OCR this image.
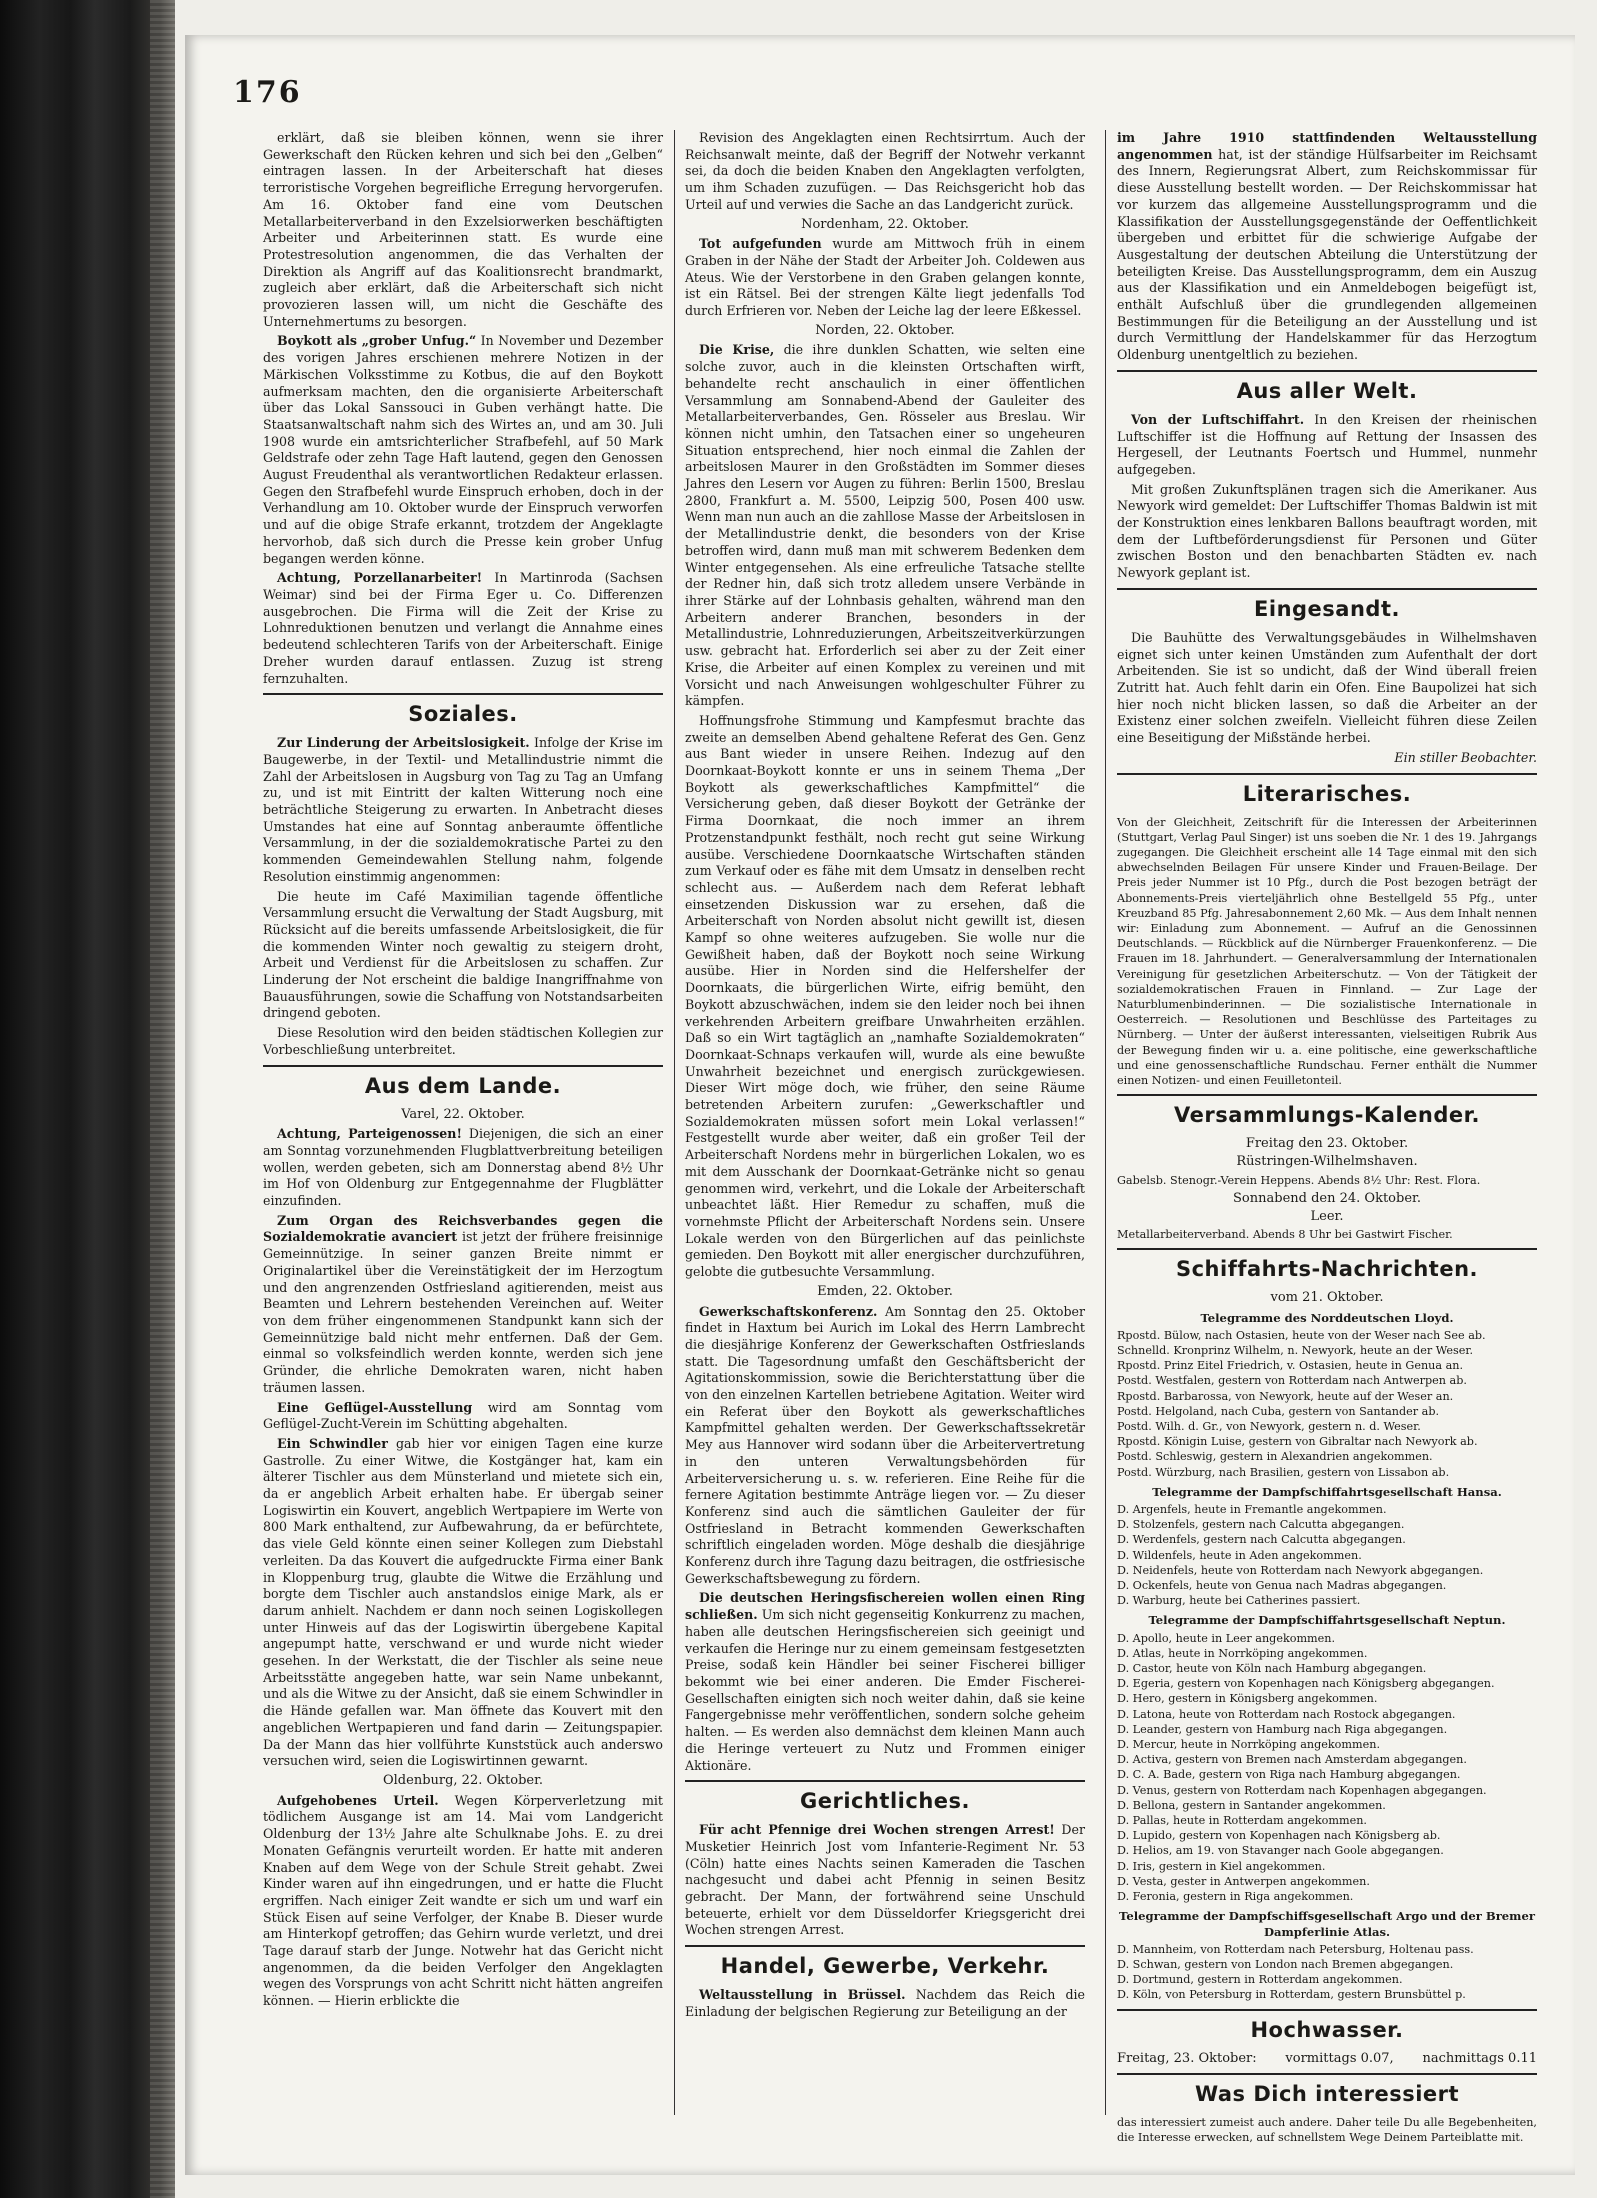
176

erklärt, daß sie bleiben können, wenn sie ihrer Gewerkschaft den Rücken kehren und sich bei den „Gelben“ eintragen lassen. In der Arbeiterschaft hat dieses terroristische Vorgehen begreifliche Erregung hervorgerufen. Am 16. Oktober fand eine vom Deutschen Metallarbeiterverband in den Exzelsiorwerken beschäftigten Arbeiter und Arbeiterinnen statt. Es wurde eine Protestresolution angenommen, die das Verhalten der Direktion als Angriff auf das Koalitionsrecht brandmarkt, zugleich aber erklärt, daß die Arbeiterschaft sich nicht provozieren lassen will, um nicht die Geschäfte des Unternehmertums zu besorgen.

Boykott als „grober Unfug.“ In November und Dezember des vorigen Jahres erschienen mehrere Notizen in der Märkischen Volksstimme zu Kotbus, die auf den Boykott aufmerksam machten, den die organisierte Arbeiterschaft über das Lokal Sanssouci in Guben verhängt hatte. Die Staatsanwaltschaft nahm sich des Wirtes an, und am 30. Juli 1908 wurde ein amtsrichterlicher Strafbefehl, auf 50 Mark Geldstrafe oder zehn Tage Haft lautend, gegen den Genossen August Freudenthal als verantwortlichen Redakteur erlassen. Gegen den Strafbefehl wurde Einspruch erhoben, doch in der Verhandlung am 10. Oktober wurde der Einspruch verworfen und auf die obige Strafe erkannt, trotzdem der Angeklagte hervorhob, daß sich durch die Presse kein grober Unfug begangen werden könne.

Achtung, Porzellanarbeiter! In Martinroda (Sachsen Weimar) sind bei der Firma Eger u. Co. Differenzen ausgebrochen. Die Firma will die Zeit der Krise zu Lohnreduktionen benutzen und verlangt die Annahme eines bedeutend schlechteren Tarifs von der Arbeiterschaft. Einige Dreher wurden darauf entlassen. Zuzug ist streng fernzuhalten.

Soziales.

Zur Linderung der Arbeitslosigkeit. Infolge der Krise im Baugewerbe, in der Textil- und Metallindustrie nimmt die Zahl der Arbeitslosen in Augsburg von Tag zu Tag an Umfang zu, und ist mit Eintritt der kalten Witterung noch eine beträchtliche Steigerung zu erwarten. In Anbetracht dieses Umstandes hat eine auf Sonntag anberaumte öffentliche Versammlung, in der die sozialdemokratische Partei zu den kommenden Gemeindewahlen Stellung nahm, folgende Resolution einstimmig angenommen:

Die heute im Café Maximilian tagende öffentliche Versammlung ersucht die Verwaltung der Stadt Augsburg, mit Rücksicht auf die bereits umfassende Arbeitslosigkeit, die für die kommenden Winter noch gewaltig zu steigern droht, Arbeit und Verdienst für die Arbeitslosen zu schaffen. Zur Linderung der Not erscheint die baldige Inangriffnahme von Bauausführungen, sowie die Schaffung von Notstandsarbeiten dringend geboten.

Diese Resolution wird den beiden städtischen Kollegien zur Vorbeschließung unterbreitet.

Aus dem Lande.
Varel, 22. Oktober.

Achtung, Parteigenossen! Diejenigen, die sich an einer am Sonntag vorzunehmenden Flugblattverbreitung beteiligen wollen, werden gebeten, sich am Donnerstag abend 8½ Uhr im Hof von Oldenburg zur Entgegennahme der Flugblätter einzufinden.

Zum Organ des Reichsverbandes gegen die Sozialdemokratie avanciert ist jetzt der frühere freisinnige Gemeinnützige. In seiner ganzen Breite nimmt er Originalartikel über die Vereinstätigkeit der im Herzogtum und den angrenzenden Ostfriesland agitierenden, meist aus Beamten und Lehrern bestehenden Vereinchen auf. Weiter von dem früher eingenommenen Standpunkt kann sich der Gemeinnützige bald nicht mehr entfernen. Daß der Gem. einmal so volksfeindlich werden konnte, werden sich jene Gründer, die ehrliche Demokraten waren, nicht haben träumen lassen.

Eine Geflügel-Ausstellung wird am Sonntag vom Geflügel-Zucht-Verein im Schütting abgehalten.

Ein Schwindler gab hier vor einigen Tagen eine kurze Gastrolle. Zu einer Witwe, die Kostgänger hat, kam ein älterer Tischler aus dem Münsterland und mietete sich ein, da er angeblich Arbeit erhalten habe. Er übergab seiner Logiswirtin ein Kouvert, angeblich Wertpapiere im Werte von 800 Mark enthaltend, zur Aufbewahrung, da er befürchtete, das viele Geld könnte einen seiner Kollegen zum Diebstahl verleiten. Da das Kouvert die aufgedruckte Firma einer Bank in Kloppenburg trug, glaubte die Witwe die Erzählung und borgte dem Tischler auch anstandslos einige Mark, als er darum anhielt. Nachdem er dann noch seinen Logiskollegen unter Hinweis auf das der Logiswirtin übergebene Kapital angepumpt hatte, verschwand er und wurde nicht wieder gesehen. In der Werkstatt, die der Tischler als seine neue Arbeitsstätte angegeben hatte, war sein Name unbekannt, und als die Witwe zu der Ansicht, daß sie einem Schwindler in die Hände gefallen war. Man öffnete das Kouvert mit den angeblichen Wertpapieren und fand darin — Zeitungspapier. Da der Mann das hier vollführte Kunststück auch anderswo versuchen wird, seien die Logiswirtinnen gewarnt.

Oldenburg, 22. Oktober.

Aufgehobenes Urteil. Wegen Körperverletzung mit tödlichem Ausgange ist am 14. Mai vom Landgericht Oldenburg der 13½ Jahre alte Schulknabe Johs. E. zu drei Monaten Gefängnis verurteilt worden. Er hatte mit anderen Knaben auf dem Wege von der Schule Streit gehabt. Zwei Kinder waren auf ihn eingedrungen, und er hatte die Flucht ergriffen. Nach einiger Zeit wandte er sich um und warf ein Stück Eisen auf seine Verfolger, der Knabe B. Dieser wurde am Hinterkopf getroffen; das Gehirn wurde verletzt, und drei Tage darauf starb der Junge. Notwehr hat das Gericht nicht angenommen, da die beiden Verfolger den Angeklagten wegen des Vorsprungs von acht Schritt nicht hätten angreifen können. — Hierin erblickte die

Revision des Angeklagten einen Rechtsirrtum. Auch der Reichsanwalt meinte, daß der Begriff der Notwehr verkannt sei, da doch die beiden Knaben den Angeklagten verfolgten, um ihm Schaden zuzufügen. — Das Reichsgericht hob das Urteil auf und verwies die Sache an das Landgericht zurück.

Nordenham, 22. Oktober.

Tot aufgefunden wurde am Mittwoch früh in einem Graben in der Nähe der Stadt der Arbeiter Joh. Coldewen aus Ateus. Wie der Verstorbene in den Graben gelangen konnte, ist ein Rätsel. Bei der strengen Kälte liegt jedenfalls Tod durch Erfrieren vor. Neben der Leiche lag der leere Eßkessel.

Norden, 22. Oktober.

Die Krise, die ihre dunklen Schatten, wie selten eine solche zuvor, auch in die kleinsten Ortschaften wirft, behandelte recht anschaulich in einer öffentlichen Versammlung am Sonnabend-Abend der Gauleiter des Metallarbeiterverbandes, Gen. Rösseler aus Breslau. Wir können nicht umhin, den Tatsachen einer so ungeheuren Situation entsprechend, hier noch einmal die Zahlen der arbeitslosen Maurer in den Großstädten im Sommer dieses Jahres den Lesern vor Augen zu führen: Berlin 1500, Breslau 2800, Frankfurt a. M. 5500, Leipzig 500, Posen 400 usw. Wenn man nun auch an die zahllose Masse der Arbeitslosen in der Metallindustrie denkt, die besonders von der Krise betroffen wird, dann muß man mit schwerem Bedenken dem Winter entgegensehen. Als eine erfreuliche Tatsache stellte der Redner hin, daß sich trotz alledem unsere Verbände in ihrer Stärke auf der Lohnbasis gehalten, während man den Arbeitern anderer Branchen, besonders in der Metallindustrie, Lohnreduzierungen, Arbeitszeitverkürzungen usw. gebracht hat. Erforderlich sei aber zu der Zeit einer Krise, die Arbeiter auf einen Komplex zu vereinen und mit Vorsicht und nach Anweisungen wohlgeschulter Führer zu kämpfen.

Hoffnungsfrohe Stimmung und Kampfesmut brachte das zweite an demselben Abend gehaltene Referat des Gen. Genz aus Bant wieder in unsere Reihen. Indezug auf den Doornkaat-Boykott konnte er uns in seinem Thema „Der Boykott als gewerkschaftliches Kampfmittel“ die Versicherung geben, daß dieser Boykott der Getränke der Firma Doornkaat, die noch immer an ihrem Protzenstandpunkt festhält, noch recht gut seine Wirkung ausübe. Verschiedene Doornkaatsche Wirtschaften ständen zum Verkauf oder es fähe mit dem Umsatz in denselben recht schlecht aus. — Außerdem nach dem Referat lebhaft einsetzenden Diskussion war zu ersehen, daß die Arbeiterschaft von Norden absolut nicht gewillt ist, diesen Kampf so ohne weiteres aufzugeben. Sie wolle nur die Gewißheit haben, daß der Boykott noch seine Wirkung ausübe. Hier in Norden sind die Helfershelfer der Doornkaats, die bürgerlichen Wirte, eifrig bemüht, den Boykott abzuschwächen, indem sie den leider noch bei ihnen verkehrenden Arbeitern greifbare Unwahrheiten erzählen. Daß so ein Wirt tagtäglich an „namhafte Sozialdemokraten“ Doornkaat-Schnaps verkaufen will, wurde als eine bewußte Unwahrheit bezeichnet und energisch zurückgewiesen. Dieser Wirt möge doch, wie früher, den seine Räume betretenden Arbeitern zurufen: „Gewerkschaftler und Sozialdemokraten müssen sofort mein Lokal verlassen!“ Festgestellt wurde aber weiter, daß ein großer Teil der Arbeiterschaft Nordens mehr in bürgerlichen Lokalen, wo es mit dem Ausschank der Doornkaat-Getränke nicht so genau genommen wird, verkehrt, und die Lokale der Arbeiterschaft unbeachtet läßt. Hier Remedur zu schaffen, muß die vornehmste Pflicht der Arbeiterschaft Nordens sein. Unsere Lokale werden von den Bürgerlichen auf das peinlichste gemieden. Den Boykott mit aller energischer durchzuführen, gelobte die gutbesuchte Versammlung.

Emden, 22. Oktober.

Gewerkschaftskonferenz. Am Sonntag den 25. Oktober findet in Haxtum bei Aurich im Lokal des Herrn Lambrecht die diesjährige Konferenz der Gewerkschaften Ostfrieslands statt. Die Tagesordnung umfaßt den Geschäftsbericht der Agitationskommission, sowie die Berichterstattung über die von den einzelnen Kartellen betriebene Agitation. Weiter wird ein Referat über den Boykott als gewerkschaftliches Kampfmittel gehalten werden. Der Gewerkschaftssekretär Mey aus Hannover wird sodann über die Arbeitervertretung in den unteren Verwaltungsbehörden für Arbeiterversicherung u. s. w. referieren. Eine Reihe für die fernere Agitation bestimmte Anträge liegen vor. — Zu dieser Konferenz sind auch die sämtlichen Gauleiter der für Ostfriesland in Betracht kommenden Gewerkschaften schriftlich eingeladen worden. Möge deshalb die diesjährige Konferenz durch ihre Tagung dazu beitragen, die ostfriesische Gewerkschaftsbewegung zu fördern.

Die deutschen Heringsfischereien wollen einen Ring schließen. Um sich nicht gegenseitig Konkurrenz zu machen, haben alle deutschen Heringsfischereien sich geeinigt und verkaufen die Heringe nur zu einem gemeinsam festgesetzten Preise, sodaß kein Händler bei seiner Fischerei billiger bekommt wie bei einer anderen. Die Emder Fischerei-Gesellschaften einigten sich noch weiter dahin, daß sie keine Fangergebnisse mehr veröffentlichen, sondern solche geheim halten. — Es werden also demnächst dem kleinen Mann auch die Heringe verteuert zu Nutz und Frommen einiger Aktionäre.

Gerichtliches.

Für acht Pfennige drei Wochen strengen Arrest! Der Musketier Heinrich Jost vom Infanterie-Regiment Nr. 53 (Cöln) hatte eines Nachts seinen Kameraden die Taschen nachgesucht und dabei acht Pfennig in seinen Besitz gebracht. Der Mann, der fortwährend seine Unschuld beteuerte, erhielt vor dem Düsseldorfer Kriegsgericht drei Wochen strengen Arrest.

Handel, Gewerbe, Verkehr.

Weltausstellung in Brüssel. Nachdem das Reich die Einladung der belgischen Regierung zur Beteiligung an der

im Jahre 1910 stattfindenden Weltausstellung angenommen hat, ist der ständige Hülfsarbeiter im Reichsamt des Innern, Regierungsrat Albert, zum Reichskommissar für diese Ausstellung bestellt worden. — Der Reichskommissar hat vor kurzem das allgemeine Ausstellungsprogramm und die Klassifikation der Ausstellungsgegenstände der Oeffentlichkeit übergeben und erbittet für die schwierige Aufgabe der Ausgestaltung der deutschen Abteilung die Unterstützung der beteiligten Kreise. Das Ausstellungsprogramm, dem ein Auszug aus der Klassifikation und ein Anmeldebogen beigefügt ist, enthält Aufschluß über die grundlegenden allgemeinen Bestimmungen für die Beteiligung an der Ausstellung und ist durch Vermittlung der Handelskammer für das Herzogtum Oldenburg unentgeltlich zu beziehen.

Aus aller Welt.

Von der Luftschiffahrt. In den Kreisen der rheinischen Luftschiffer ist die Hoffnung auf Rettung der Insassen des Hergesell, der Leutnants Foertsch und Hummel, nunmehr aufgegeben.

Mit großen Zukunftsplänen tragen sich die Amerikaner. Aus Newyork wird gemeldet: Der Luftschiffer Thomas Baldwin ist mit der Konstruktion eines lenkbaren Ballons beauftragt worden, mit dem der Luftbeförderungsdienst für Personen und Güter zwischen Boston und den benachbarten Städten ev. nach Newyork geplant ist.

Eingesandt.

Die Bauhütte des Verwaltungsgebäudes in Wilhelmshaven eignet sich unter keinen Umständen zum Aufenthalt der dort Arbeitenden. Sie ist so undicht, daß der Wind überall freien Zutritt hat. Auch fehlt darin ein Ofen. Eine Baupolizei hat sich hier noch nicht blicken lassen, so daß die Arbeiter an der Existenz einer solchen zweifeln. Vielleicht führen diese Zeilen eine Beseitigung der Mißstände herbei.

Ein stiller Beobachter.
Literarisches.

Von der Gleichheit, Zeitschrift für die Interessen der Arbeiterinnen (Stuttgart, Verlag Paul Singer) ist uns soeben die Nr. 1 des 19. Jahrgangs zugegangen. Die Gleichheit erscheint alle 14 Tage einmal mit den sich abwechselnden Beilagen Für unsere Kinder und Frauen-Beilage. Der Preis jeder Nummer ist 10 Pfg., durch die Post bezogen beträgt der Abonnements-Preis vierteljährlich ohne Bestellgeld 55 Pfg., unter Kreuzband 85 Pfg. Jahresabonnement 2,60 Mk. — Aus dem Inhalt nennen wir: Einladung zum Abonnement. — Aufruf an die Genossinnen Deutschlands. — Rückblick auf die Nürnberger Frauenkonferenz. — Die Frauen im 18. Jahrhundert. — Generalversammlung der Internationalen Vereinigung für gesetzlichen Arbeiterschutz. — Von der Tätigkeit der sozialdemokratischen Frauen in Finnland. — Zur Lage der Naturblumenbinderinnen. — Die sozialistische Internationale in Oesterreich. — Resolutionen und Beschlüsse des Parteitages zu Nürnberg. — Unter der äußerst interessanten, vielseitigen Rubrik Aus der Bewegung finden wir u. a. eine politische, eine gewerkschaftliche und eine genossenschaftliche Rundschau. Ferner enthält die Nummer einen Notizen- und einen Feuilletonteil.

Versammlungs-Kalender.
Freitag den 23. Oktober.
Rüstringen-Wilhelmshaven.

Gabelsb. Stenogr.-Verein Heppens. Abends 8½ Uhr: Rest. Flora.

Sonnabend den 24. Oktober.
Leer.

Metallarbeiterverband. Abends 8 Uhr bei Gastwirt Fischer.

Schiffahrts-Nachrichten.
vom 21. Oktober.
Telegramme des Norddeutschen Lloyd.
Rpostd. Bülow, nach Ostasien, heute von der Weser nach See ab.
Schnelld. Kronprinz Wilhelm, n. Newyork, heute an der Weser.
Rpostd. Prinz Eitel Friedrich, v. Ostasien, heute in Genua an.
Postd. Westfalen, gestern von Rotterdam nach Antwerpen ab.
Rpostd. Barbarossa, von Newyork, heute auf der Weser an.
Postd. Helgoland, nach Cuba, gestern von Santander ab.
Postd. Wilh. d. Gr., von Newyork, gestern n. d. Weser.
Rpostd. Königin Luise, gestern von Gibraltar nach Newyork ab.
Postd. Schleswig, gestern in Alexandrien angekommen.
Postd. Würzburg, nach Brasilien, gestern von Lissabon ab.
Telegramme der Dampfschiffahrtsgesellschaft Hansa.
D. Argenfels, heute in Fremantle angekommen.
D. Stolzenfels, gestern nach Calcutta abgegangen.
D. Werdenfels, gestern nach Calcutta abgegangen.
D. Wildenfels, heute in Aden angekommen.
D. Neidenfels, heute von Rotterdam nach Newyork abgegangen.
D. Ockenfels, heute von Genua nach Madras abgegangen.
D. Warburg, heute bei Catherines passiert.
Telegramme der Dampfschiffahrtsgesellschaft Neptun.
D. Apollo, heute in Leer angekommen.
D. Atlas, heute in Norrköping angekommen.
D. Castor, heute von Köln nach Hamburg abgegangen.
D. Egeria, gestern von Kopenhagen nach Königsberg abgegangen.
D. Hero, gestern in Königsberg angekommen.
D. Latona, heute von Rotterdam nach Rostock abgegangen.
D. Leander, gestern von Hamburg nach Riga abgegangen.
D. Mercur, heute in Norrköping angekommen.
D. Activa, gestern von Bremen nach Amsterdam abgegangen.
D. C. A. Bade, gestern von Riga nach Hamburg abgegangen.
D. Venus, gestern von Rotterdam nach Kopenhagen abgegangen.
D. Bellona, gestern in Santander angekommen.
D. Pallas, heute in Rotterdam angekommen.
D. Lupido, gestern von Kopenhagen nach Königsberg ab.
D. Helios, am 19. von Stavanger nach Goole abgegangen.
D. Iris, gestern in Kiel angekommen.
D. Vesta, gester in Antwerpen angekommen.
D. Feronia, gestern in Riga angekommen.
Telegramme der Dampfschiffsgesellschaft Argo und der Bremer Dampferlinie Atlas.
D. Mannheim, von Rotterdam nach Petersburg, Holtenau pass.
D. Schwan, gestern von London nach Bremen abgegangen.
D. Dortmund, gestern in Rotterdam angekommen.
D. Köln, von Petersburg in Rotterdam, gestern Brunsbüttel p.
Hochwasser.
Freitag, 23. Oktober: vormittags 0.07, nachmittags 0.11
Was Dich interessiert

das interessiert zumeist auch andere. Daher teile Du alle Begebenheiten, die Interesse erwecken, auf schnellstem Wege Deinem Parteiblatte mit.
